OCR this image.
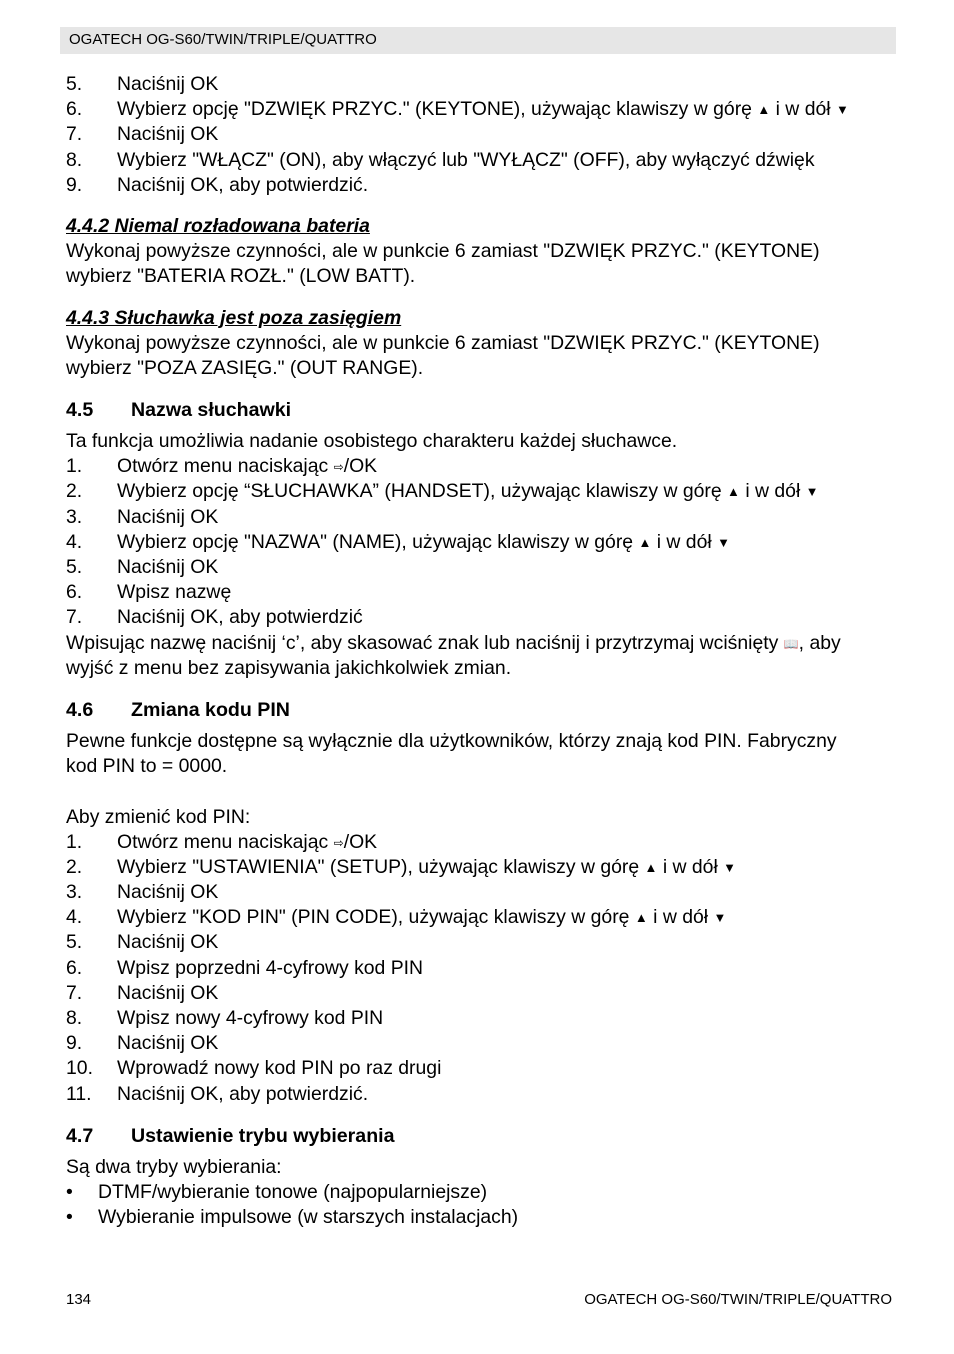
OGATECH OG-S60/TWIN/TRIPLE/QUATTRO
5. Naciśnij OK
6. Wybierz opcję "DZWIĘK PRZYC." (KEYTONE), używając klawiszy w górę ▲ i w dół ▼
7. Naciśnij OK
8. Wybierz "WŁĄCZ" (ON), aby włączyć lub "WYŁĄCZ" (OFF), aby wyłączyć dźwięk
9. Naciśnij OK, aby potwierdzić.
4.4.2 Niemal rozładowana bateria
Wykonaj powyższe czynności, ale w punkcie 6 zamiast "DZWIĘK PRZYC." (KEYTONE)
wybierz "BATERIA ROZŁ." (LOW BATT).
4.4.3 Słuchawka jest poza zasięgiem
Wykonaj powyższe czynności, ale w punkcie 6 zamiast "DZWIĘK PRZYC." (KEYTONE)
wybierz "POZA ZASIĘG." (OUT RANGE).
4.5 Nazwa słuchawki
Ta funkcja umożliwia nadanie osobistego charakteru każdej słuchawce.
1. Otwórz menu naciskając ⇨/OK
2. Wybierz opcję “SŁUCHAWKA” (HANDSET), używając klawiszy w górę ▲ i w dół ▼
3. Naciśnij OK
4. Wybierz opcję "NAZWA" (NAME), używając klawiszy w górę ▲ i w dół ▼
5. Naciśnij OK
6. Wpisz nazwę
7. Naciśnij OK, aby potwierdzić
Wpisując nazwę naciśnij ‘c’, aby skasować znak lub naciśnij i przytrzymaj wciśnięty 📖, aby
wyjść z menu bez zapisywania jakichkolwiek zmian.
4.6 Zmiana kodu PIN
Pewne funkcje dostępne są wyłącznie dla użytkowników, którzy znają kod PIN. Fabryczny
kod PIN to = 0000.
Aby zmienić kod PIN:
1. Otwórz menu naciskając ⇨/OK
2. Wybierz "USTAWIENIA" (SETUP), używając klawiszy w górę ▲ i w dół ▼
3. Naciśnij OK
4. Wybierz "KOD PIN" (PIN CODE), używając klawiszy w górę ▲ i w dół ▼
5. Naciśnij OK
6. Wpisz poprzedni 4-cyfrowy kod PIN
7. Naciśnij OK
8. Wpisz nowy 4-cyfrowy kod PIN
9. Naciśnij OK
10. Wprowadź nowy kod PIN po raz drugi
11. Naciśnij OK, aby potwierdzić.
4.7 Ustawienie trybu wybierania
Są dwa tryby wybierania:
• DTMF/wybieranie tonowe (najpopularniejsze)
• Wybieranie impulsowe (w starszych instalacjach)
134	OGATECH OG-S60/TWIN/TRIPLE/QUATTRO
